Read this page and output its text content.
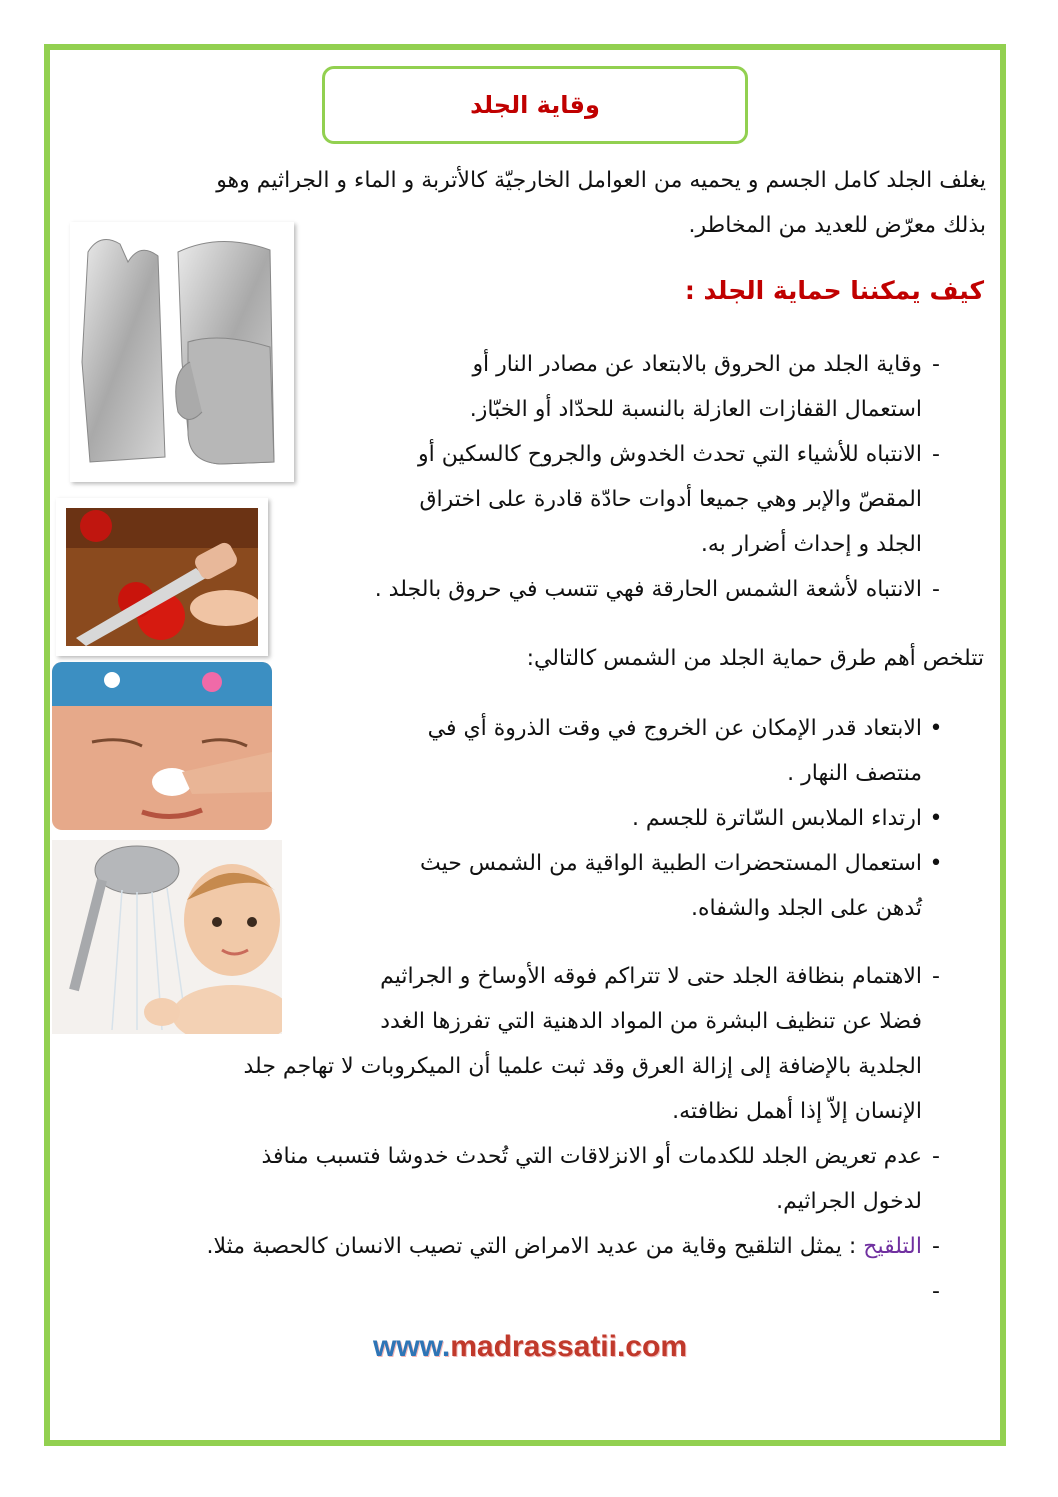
وقاية الجلد
يغلف الجلد كامل الجسم و يحميه من العوامل الخارجيّة كالأتربة و الماء و الجراثيم وهو
بذلك معرّض للعديد من المخاطر.
كيف يمكننا حماية الجلد :
-وقاية الجلد من الحروق بالابتعاد عن مصادر النار أو
استعمال القفازات العازلة بالنسبة للحدّاد أو الخبّاز.
-الانتباه للأشياء التي تحدث الخدوش والجروح كالسكين أو
المقصّ والإبر وهي جميعا أدوات حادّة قادرة على اختراق
الجلد و إحداث أضرار به.
-الانتباه لأشعة الشمس الحارقة فهي تتسب في حروق بالجلد .
تتلخص أهم طرق حماية الجلد من الشمس كالتالي:
•الابتعاد قدر الإمكان عن الخروج في وقت الذروة أي في
منتصف النهار .
•ارتداء الملابس السّاترة للجسم .
•استعمال المستحضرات الطبية الواقية من الشمس حيث
تُدهن على الجلد والشفاه.
-الاهتمام بنظافة الجلد حتى لا تتراكم فوقه الأوساخ و الجراثيم
فضلا عن تنظيف البشرة من المواد الدهنية التي تفرزها الغدد
الجلدية بالإضافة إلى إزالة العرق وقد ثبت علميا أن الميكروبات لا تهاجم جلد
الإنسان إلاّ إذا أهمل نظافته.
-عدم تعريض الجلد للكدمات أو الانزلاقات التي تُحدث خدوشا فتسبب منافذ
لدخول الجراثيم.
-التلقيح : يمثل التلقيح وقاية من عديد الامراض التي تصيب الانسان كالحصبة مثلا.
-
www.madrassatii.com
